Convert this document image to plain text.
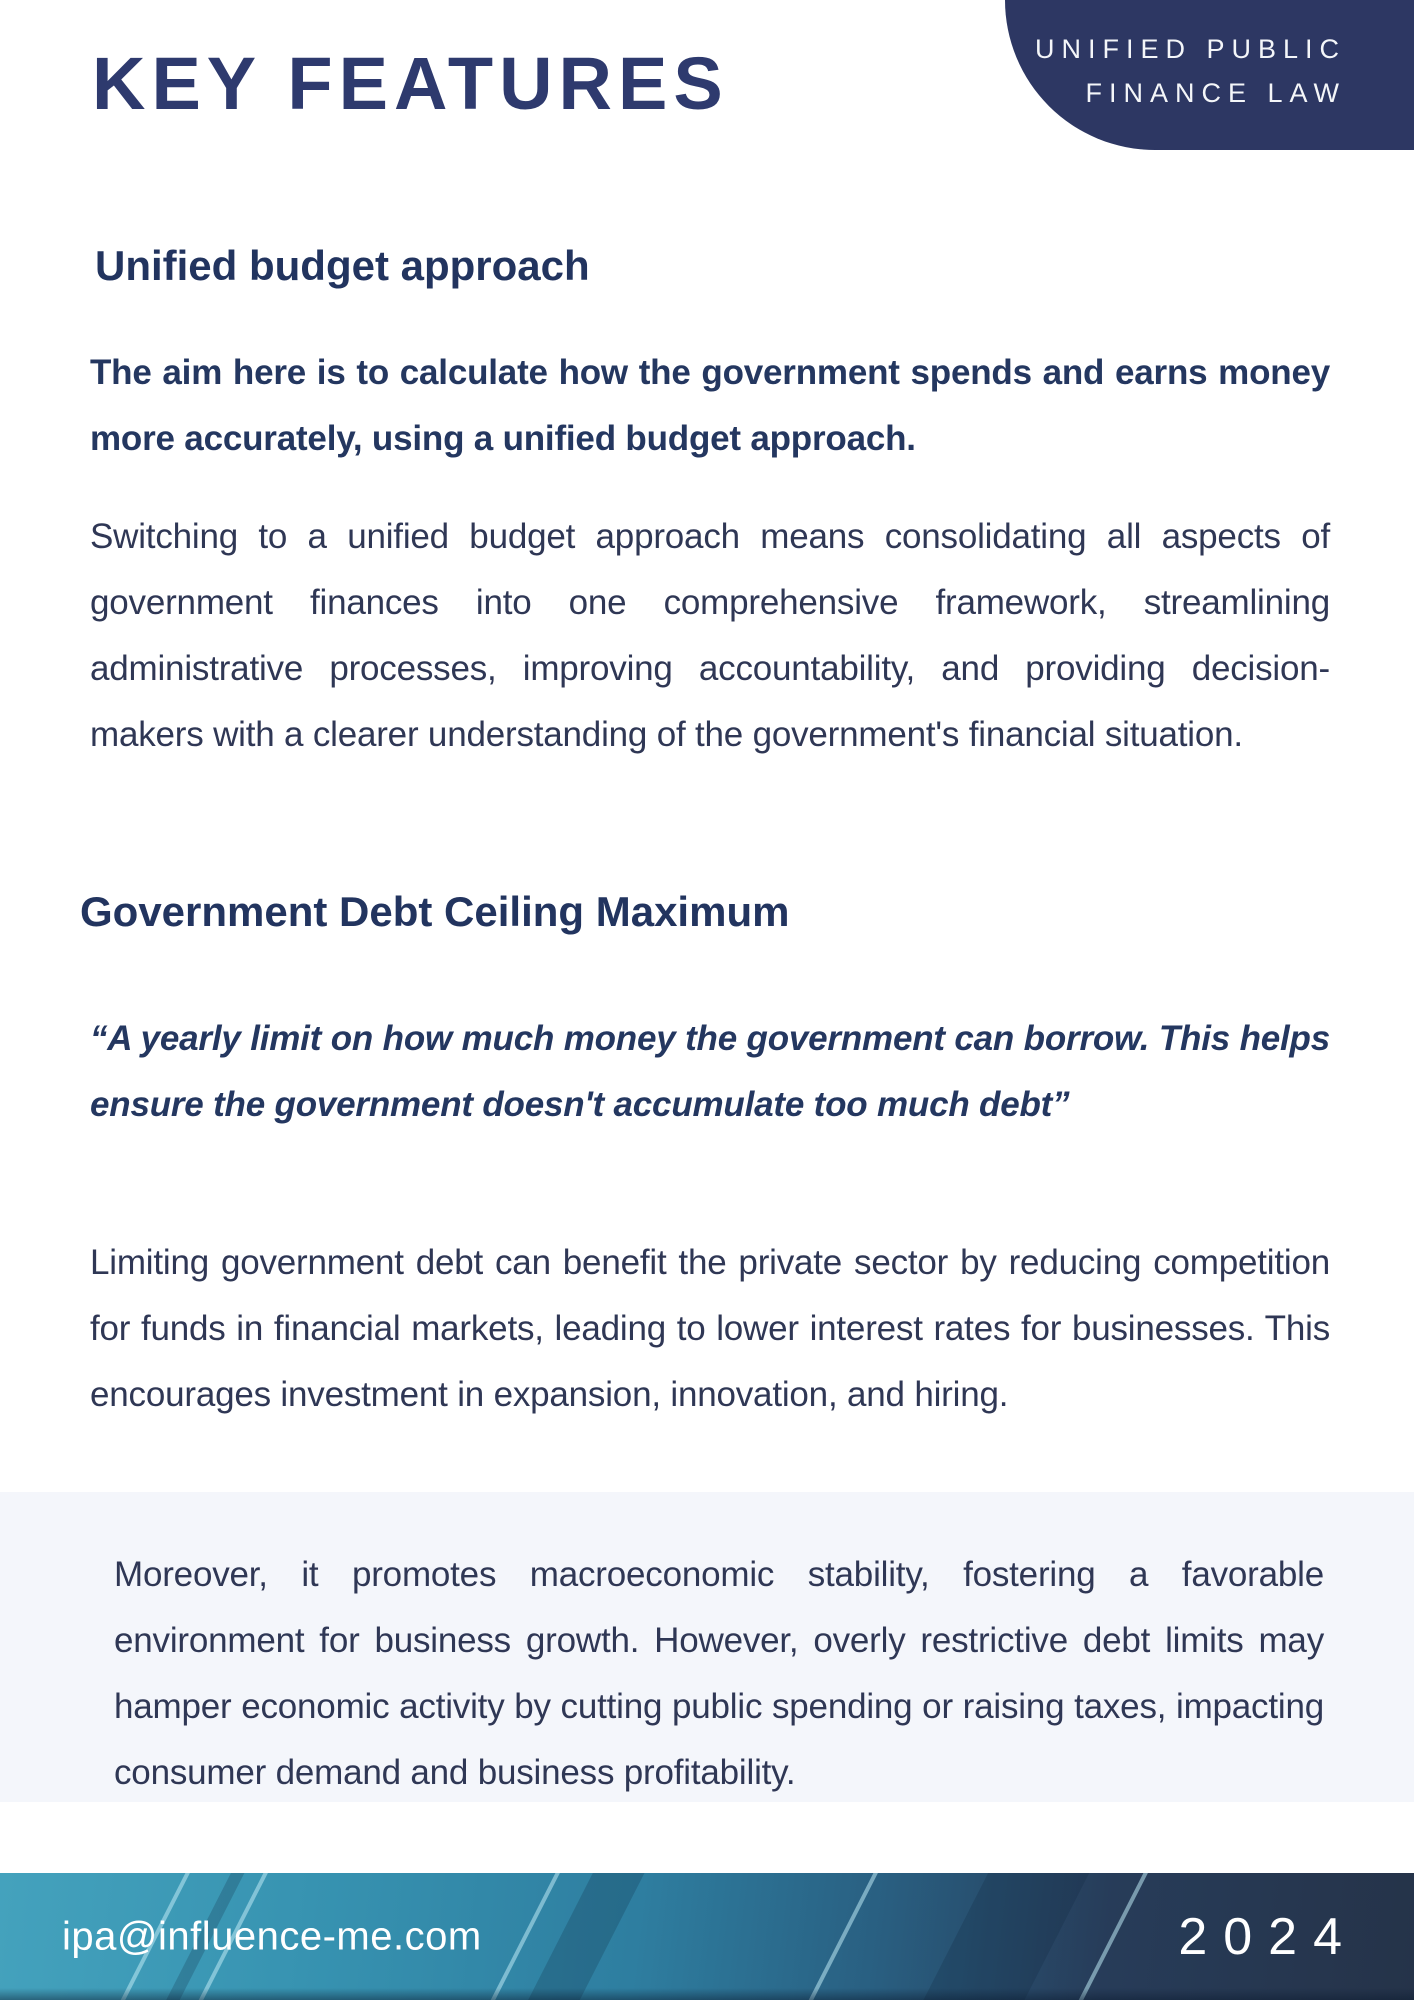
UNIFIED PUBLIC
FINANCE LAW
KEY FEATURES
Unified budget approach
The aim here is to calculate how the government spends and earns money more accurately, using a unified budget approach.
Switching to a unified budget approach means consolidating all aspects of government finances into one comprehensive framework, streamlining administrative processes, improving accountability, and providing decision-makers with a clearer understanding of the government's financial situation.
Government Debt Ceiling Maximum
“A yearly limit on how much money the government can borrow. This helps ensure the government doesn't accumulate too much debt”
Limiting government debt can benefit the private sector by reducing competition for funds in financial markets, leading to lower interest rates for businesses. This encourages investment in expansion, innovation, and hiring.
Moreover, it promotes macroeconomic stability, fostering a favorable environment for business growth. However, overly restrictive debt limits may hamper economic activity by cutting public spending or raising taxes, impacting consumer demand and business profitability.
ipa@influence-me.com	2024
